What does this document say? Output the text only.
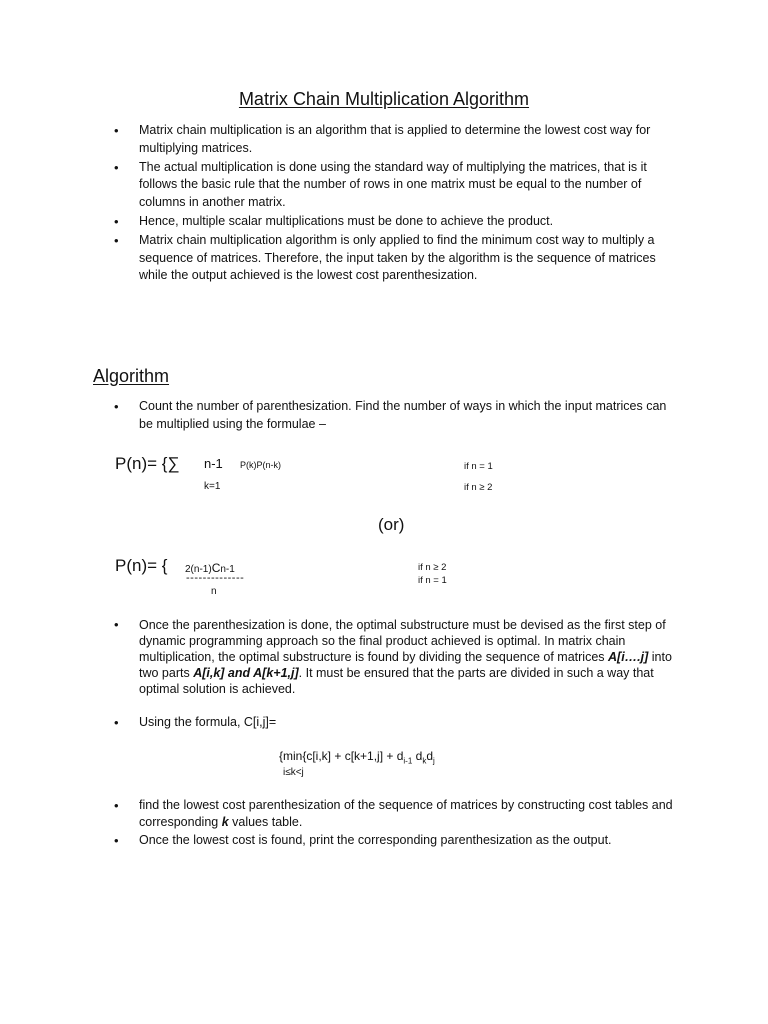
Matrix Chain Multiplication Algorithm
• Matrix chain multiplication is an algorithm that is applied to determine the lowest cost way for multiplying matrices.
• The actual multiplication is done using the standard way of multiplying the matrices, that is it follows the basic rule that the number of rows in one matrix must be equal to the number of columns in another matrix.
• Hence, multiple scalar multiplications must be done to achieve the product.
• Matrix chain multiplication algorithm is only applied to find the minimum cost way to multiply a sequence of matrices. Therefore, the input taken by the algorithm is the sequence of matrices while the output achieved is the lowest cost parenthesization.
Algorithm
• Count the number of parenthesization. Find the number of ways in which the input matrices can be multiplied using the formulae –
P(n)= {∑ n-1 P(k)P(n-k)
k=1
if n = 1
if n ≥ 2
(or)
P(n)= { 2(n-1)Cn-1
--------------
n
if n ≥ 2
if n = 1
• Once the parenthesization is done, the optimal substructure must be devised as the first step of dynamic programming approach so the final product achieved is optimal. In matrix chain multiplication, the optimal substructure is found by dividing the sequence of matrices A[i….j] into two parts A[i,k] and A[k+1,j]. It must be ensured that the parts are divided in such a way that optimal solution is achieved.
• Using the formula, C[i,j]=
{$\min\{c[i,k] + c[k+1,j] + d_{i-1}$ $d_kd_j$
i≤k<j
• find the lowest cost parenthesization of the sequence of matrices by constructing cost tables and corresponding k values table.
• Once the lowest cost is found, print the corresponding parenthesization as the output.
